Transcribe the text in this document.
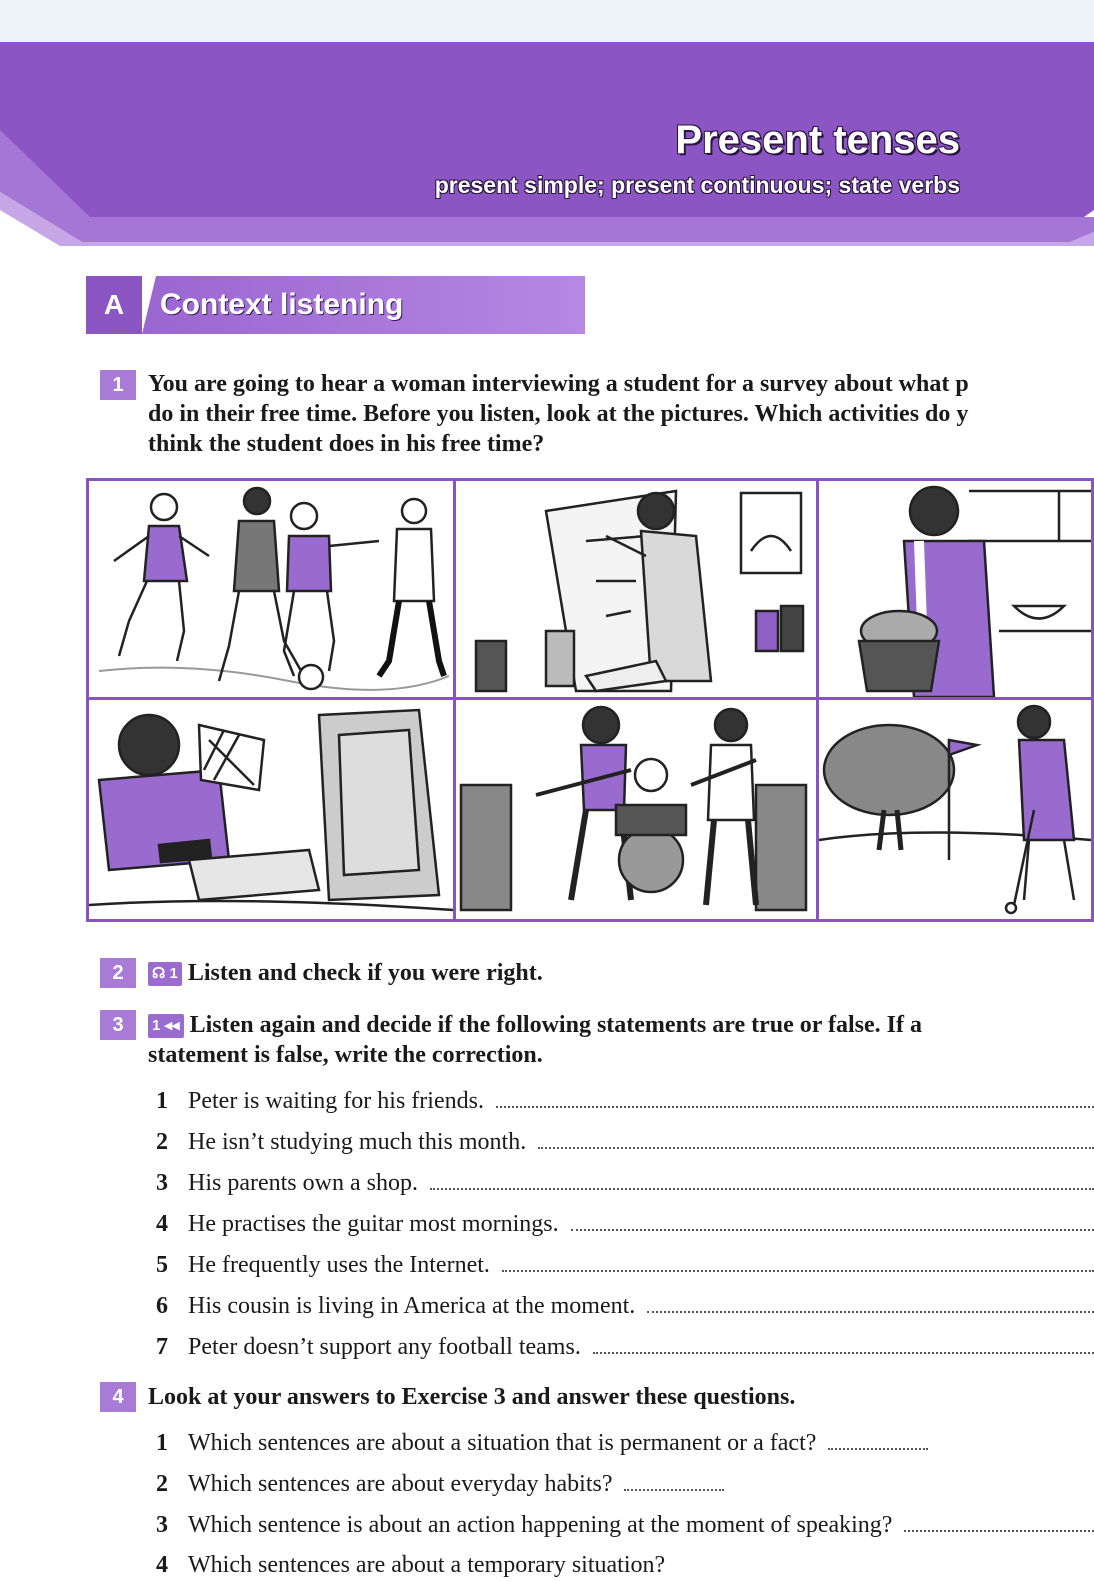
Present tenses
present simple; present continuous; state verbs
A	Context listening
1	You are going to hear a woman interviewing a student for a survey about what p
do in their free time. Before you listen, look at the pictures. Which activities do y
think the student does in his free time?
2	☊ 1 Listen and check if you were right.
3	1 ◂◂ Listen again and decide if the following statements are true or false. If a
statement is false, write the correction.
1 Peter is waiting for his friends.
2 He isn’t studying much this month.
3 His parents own a shop.
4 He practises the guitar most mornings.
5 He frequently uses the Internet.
6 His cousin is living in America at the moment.
7 Peter doesn’t support any football teams.
4	Look at your answers to Exercise 3 and answer these questions.
1 Which sentences are about a situation that is permanent or a fact?
2 Which sentences are about everyday habits?
3 Which sentence is about an action happening at the moment of speaking?
4 Which sentences are about a temporary situation?
